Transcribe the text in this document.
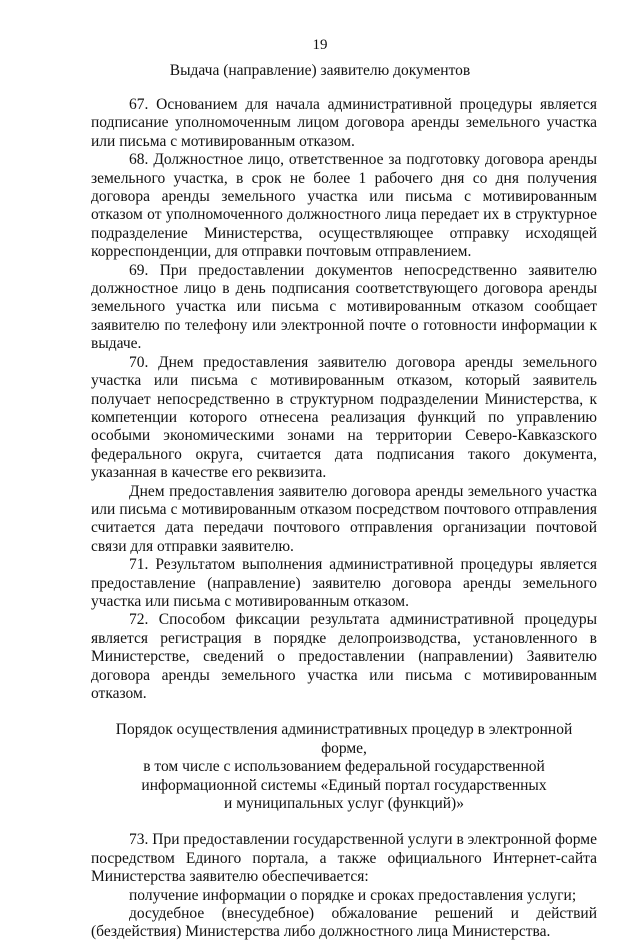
19
Выдача (направление) заявителю документов

67. Основанием для начала административной процедуры является подписание уполномоченным лицом договора аренды земельного участка или письма с мотивированным отказом.

68. Должностное лицо, ответственное за подготовку договора аренды земельного участка, в срок не более 1 рабочего дня со дня получения договора аренды земельного участка или письма с мотивированным отказом от уполномоченного должностного лица передает их в структурное подразделение Министерства, осуществляющее отправку исходящей корреспонденции, для отправки почтовым отправлением.

69. При предоставлении документов непосредственно заявителю должностное лицо в день подписания соответствующего договора аренды земельного участка или письма с мотивированным отказом сообщает заявителю по телефону или электронной почте о готовности информации к выдаче.

70. Днем предоставления заявителю договора аренды земельного участка или письма с мотивированным отказом, который заявитель получает непосредственно в структурном подразделении Министерства, к компетенции которого отнесена реализация функций по управлению особыми экономическими зонами на территории Северо-Кавказского федерального округа, считается дата подписания такого документа, указанная в качестве его реквизита.

Днем предоставления заявителю договора аренды земельного участка или письма с мотивированным отказом посредством почтового отправления считается дата передачи почтового отправления организации почтовой связи для отправки заявителю.

71. Результатом выполнения административной процедуры является предоставление (направление) заявителю договора аренды земельного участка или письма с мотивированным отказом.

72. Способом фиксации результата административной процедуры является регистрация в порядке делопроизводства, установленного в Министерстве, сведений о предоставлении (направлении) Заявителю договора аренды земельного участка или письма с мотивированным отказом.

Порядок осуществления административных процедур в электронной форме,
в том числе с использованием федеральной государственной
информационной системы «Единый портал государственных
и муниципальных услуг (функций)»

73. При предоставлении государственной услуги в электронной форме посредством Единого портала, а также официального Интернет-сайта Министерства заявителю обеспечивается:

получение информации о порядке и сроках предоставления услуги;

досудебное (внесудебное) обжалование решений и действий (бездействия) Министерства либо должностного лица Министерства.
